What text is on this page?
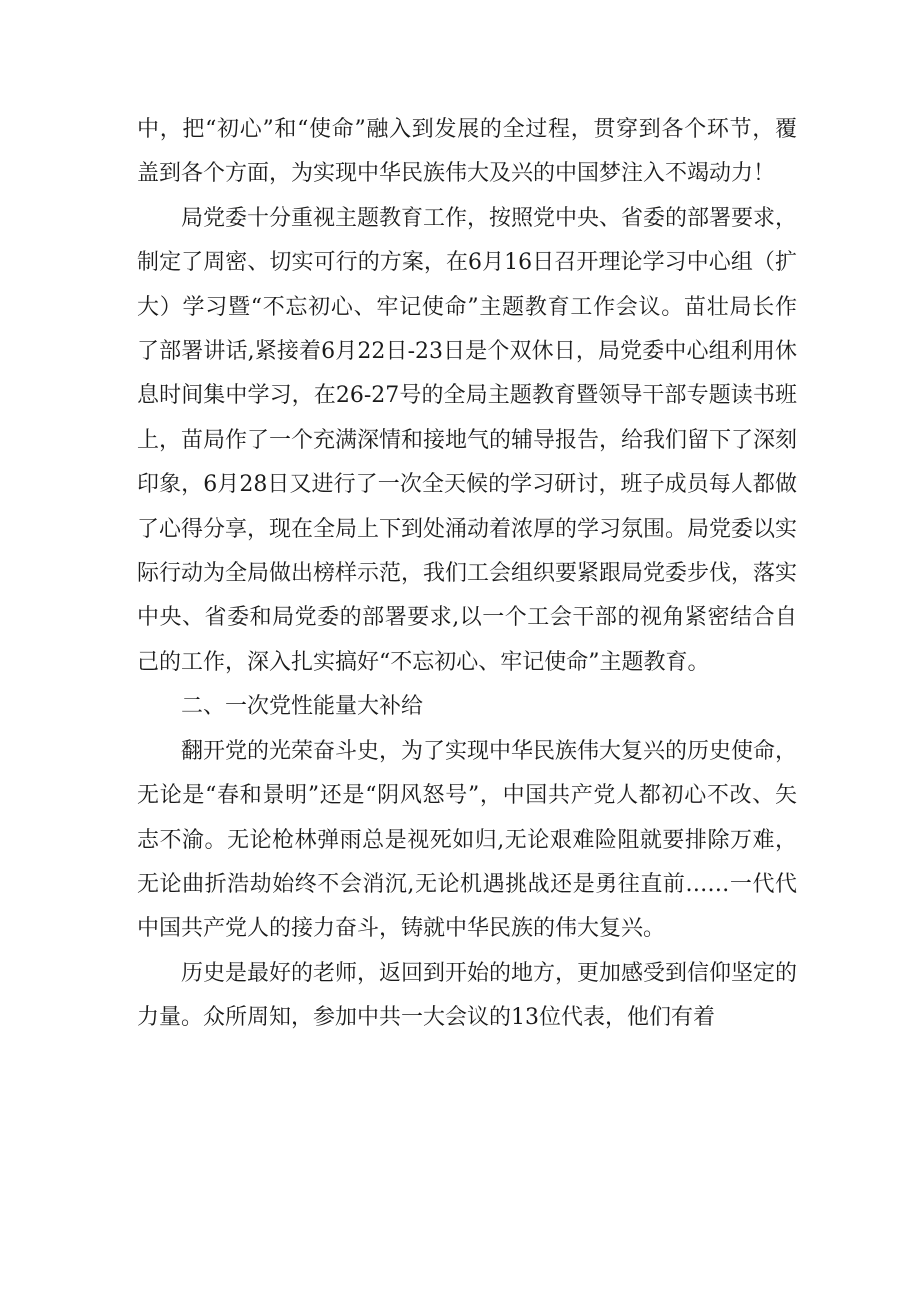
中，把“初心”和“使命”融入到发展的全过程，贯穿到各个环节，覆盖到各个方面，为实现中华民族伟大及兴的中国梦注入不竭动力！

局党委十分重视主题教育工作，按照党中央、省委的部署要求，制定了周密、切实可行的方案，在6月16日召开理论学习中心组（扩大）学习暨“不忘初心、牢记使命”主题教育工作会议。苗壮局长作了部署讲话,紧接着6月22日-23日是个双休日，局党委中心组利用休息时间集中学习，在26-27号的全局主题教育暨领导干部专题读书班上，苗局作了一个充满深情和接地气的辅导报告，给我们留下了深刻印象，6月28日又进行了一次全天候的学习研讨，班子成员每人都做了心得分享，现在全局上下到处涌动着浓厚的学习氛围。局党委以实际行动为全局做出榜样示范，我们工会组织要紧跟局党委步伐，落实中央、省委和局党委的部署要求,以一个工会干部的视角紧密结合自己的工作，深入扎实搞好“不忘初心、牢记使命”主题教育。

二、一次党性能量大补给

翻开党的光荣奋斗史，为了实现中华民族伟大复兴的历史使命，无论是“春和景明”还是“阴风怒号”，中国共产党人都初心不改、矢志不渝。无论枪林弹雨总是视死如归,无论艰难险阻就要排除万难，无论曲折浩劫始终不会消沉,无论机遇挑战还是勇往直前……一代代中国共产党人的接力奋斗，铸就中华民族的伟大复兴。

历史是最好的老师，返回到开始的地方，更加感受到信仰坚定的力量。众所周知，参加中共一大会议的13位代表，他们有着
